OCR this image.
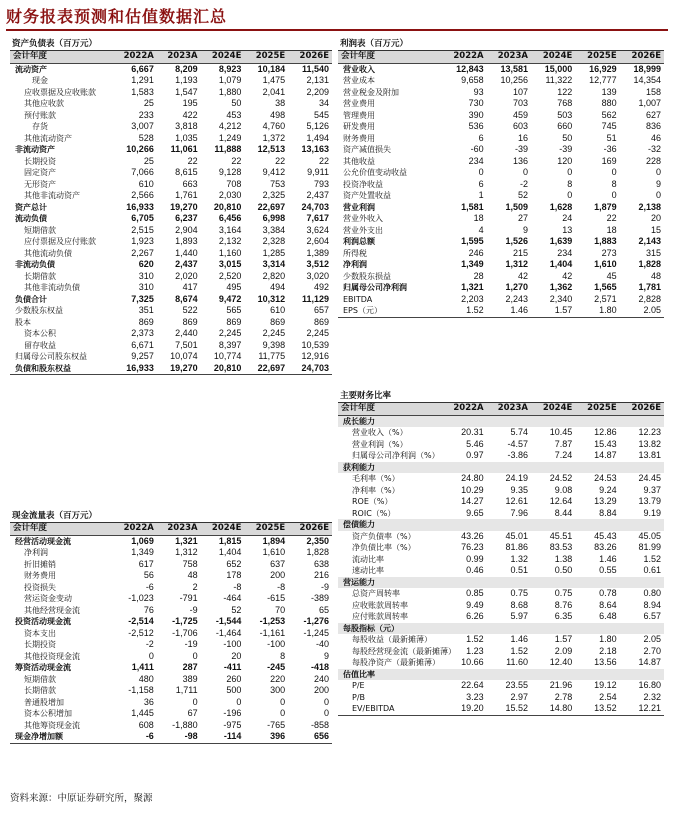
财务报表预测和估值数据汇总
资产负债表（百万元）
会计年度	2022A	2023A	2024E	2025E	2026E
流动资产	6,667	8,209	8,923	10,184	11,540
现金	1,291	1,193	1,079	1,475	2,131
应收票据及应收账款	1,583	1,547	1,880	2,041	2,209
其他应收款	25	195	50	38	34
预付账款	233	422	453	498	545
存货	3,007	3,818	4,212	4,760	5,126
其他流动资产	528	1,035	1,249	1,372	1,494
非流动资产	10,266	11,061	11,888	12,513	13,163
长期投资	25	22	22	22	22
固定资产	7,066	8,615	9,128	9,412	9,911
无形资产	610	663	708	753	793
其他非流动资产	2,566	1,761	2,030	2,325	2,437
资产总计	16,933	19,270	20,810	22,697	24,703
流动负债	6,705	6,237	6,456	6,998	7,617
短期借款	2,515	2,904	3,164	3,384	3,624
应付票据及应付账款	1,923	1,893	2,132	2,328	2,604
其他流动负债	2,267	1,440	1,160	1,285	1,389
非流动负债	620	2,437	3,015	3,314	3,512
长期借款	310	2,020	2,520	2,820	3,020
其他非流动负债	310	417	495	494	492
负债合计	7,325	8,674	9,472	10,312	11,129
少数股东权益	351	522	565	610	657
股本	869	869	869	869	869
资本公积	2,373	2,440	2,245	2,245	2,245
留存收益	6,671	7,501	8,397	9,398	10,539
归属母公司股东权益	9,257	10,074	10,774	11,775	12,916
负债和股东权益	16,933	19,270	20,810	22,697	24,703
利润表（百万元）
会计年度	2022A	2023A	2024E	2025E	2026E
营业收入	12,843	13,581	15,000	16,929	18,999
营业成本	9,658	10,256	11,322	12,777	14,354
营业税金及附加	93	107	122	139	158
营业费用	730	703	768	880	1,007
管理费用	390	459	503	562	627
研发费用	536	603	660	745	836
财务费用	6	16	50	51	46
资产减值损失	-60	-39	-39	-36	-32
其他收益	234	136	120	169	228
公允价值变动收益	0	0	0	0	0
投资净收益	6	-2	8	8	9
资产处置收益	1	52	0	0	0
营业利润	1,581	1,509	1,628	1,879	2,138
营业外收入	18	27	24	22	20
营业外支出	4	9	13	18	15
利润总额	1,595	1,526	1,639	1,883	2,143
所得税	246	215	234	273	315
净利润	1,349	1,312	1,404	1,610	1,828
少数股东损益	28	42	42	45	48
归属母公司净利润	1,321	1,270	1,362	1,565	1,781
EBITDA	2,203	2,243	2,340	2,571	2,828
EPS（元）	1.52	1.46	1.57	1.80	2.05
主要财务比率
会计年度	2022A	2023A	2024E	2025E	2026E
成长能力					
营业收入（%）	20.31	5.74	10.45	12.86	12.23
营业利润（%）	5.46	-4.57	7.87	15.43	13.82
归属母公司净利润（%）	0.97	-3.86	7.24	14.87	13.81
获利能力					
毛利率（%）	24.80	24.19	24.52	24.53	24.45
净利率（%）	10.29	9.35	9.08	9.24	9.37
ROE（%）	14.27	12.61	12.64	13.29	13.79
ROIC（%）	9.65	7.96	8.44	8.84	9.19
偿债能力					
资产负债率（%）	43.26	45.01	45.51	45.43	45.05
净负债比率（%）	76.23	81.86	83.53	83.26	81.99
流动比率	0.99	1.32	1.38	1.46	1.52
速动比率	0.46	0.51	0.50	0.55	0.61
营运能力					
总资产周转率	0.85	0.75	0.75	0.78	0.80
应收账款周转率	9.49	8.68	8.76	8.64	8.94
应付账款周转率	6.26	5.97	6.35	6.48	6.57
每股指标（元）					
每股收益（最新摊薄）	1.52	1.46	1.57	1.80	2.05
每股经营现金流（最新摊薄）	1.23	1.52	2.09	2.18	2.70
每股净资产（最新摊薄）	10.66	11.60	12.40	13.56	14.87
估值比率					
P/E	22.64	23.55	21.96	19.12	16.80
P/B	3.23	2.97	2.78	2.54	2.32
EV/EBITDA	19.20	15.52	14.80	13.52	12.21
现金流量表（百万元）
会计年度	2022A	2023A	2024E	2025E	2026E
经营活动现金流	1,069	1,321	1,815	1,894	2,350
净利润	1,349	1,312	1,404	1,610	1,828
折旧摊销	617	758	652	637	638
财务费用	56	48	178	200	216
投资损失	-6	2	-8	-8	-9
营运资金变动	-1,023	-791	-464	-615	-389
其他经营现金流	76	-9	52	70	65
投资活动现金流	-2,514	-1,725	-1,544	-1,253	-1,276
资本支出	-2,512	-1,706	-1,464	-1,161	-1,245
长期投资	-2	-19	-100	-100	-40
其他投资现金流	0	0	20	8	9
筹资活动现金流	1,411	287	-411	-245	-418
短期借款	480	389	260	220	240
长期借款	-1,158	1,711	500	300	200
普通股增加	36	0	0	0	0
资本公积增加	1,445	67	-196	0	0
其他筹资现金流	608	-1,880	-975	-765	-858
现金净增加额	-6	-98	-114	396	656
资料来源：中原证券研究所，聚源
